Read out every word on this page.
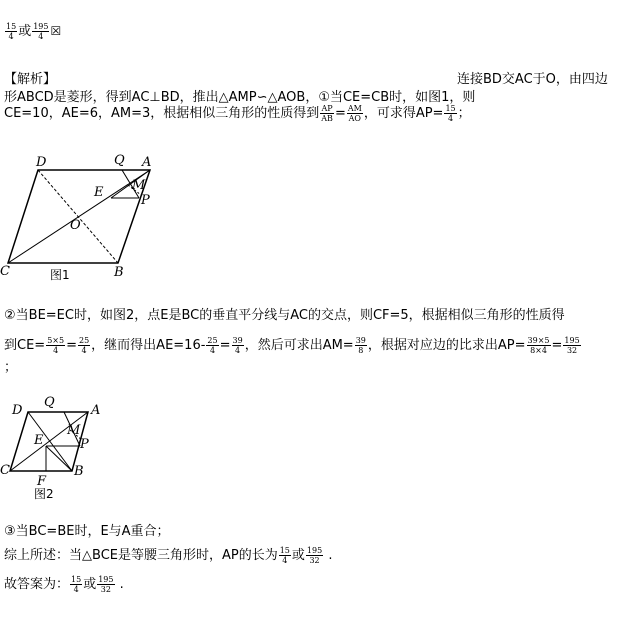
$\frac{15}{4}$ 或 $\frac{195}{4}$ ☒
【解析】	连接BD交AC于O，由四边
形ABCD是菱形，得到AC⊥BD，推出△AMP∽△AOB，①当CE=CB时，如图1，则
CE=10，AE=6，AM=3，根据相似三角形的性质得到 $\frac{AP}{AB} = \frac{AM}{AO}$ ，可求得$AP= \frac{15}{4}$ ；
D	Q A
E M
P
O
C	B
图1
②当BE=EC时，如图2，点E是BC的垂直平分线与AC的交点，则CF=5，根据相似三角形的性质得
到$CE= \frac{5\times 5}{4} = \frac{25}{4}$ ，继而得出$AE=16- \frac{25}{4} = \frac{39}{4}$ ，然后可求出$AM= \frac{39}{8}$ ，根据对应边的比求出$AP= \frac{39\times 5}{8\times 4} = \frac{195}{32}$
；
D
Q
A
M
E	P
C	B
F
图2
③当BC=BE时，E与A重合；
综上所述：当△BCE是等腰三角形时，AP的长为 $\frac{15}{4}$ 或 $\frac{195}{32}$ .
故答案为： $\frac{15}{4}$ 或 $\frac{195}{32}$ .
